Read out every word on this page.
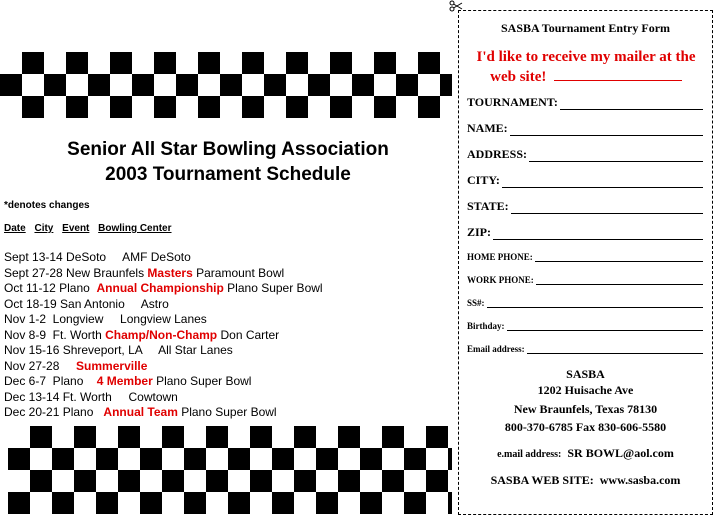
Senior All Star Bowling Association
2003 Tournament Schedule
*denotes changes
Date City Event Bowling Center
Sept 13-14 DeSoto     AMF DeSoto
Sept 27-28 New Braunfels Masters Paramount Bowl
Oct 11-12 Plano  Annual Championship Plano Super Bowl
Oct 18-19 San Antonio     Astro
Nov 1-2  Longview     Longview Lanes
Nov 8-9  Ft. Worth Champ/Non-Champ Don Carter
Nov 15-16 Shreveport, LA     All Star Lanes
Nov 27-28     Summerville
Dec 6-7  Plano    4 Member Plano Super Bowl
Dec 13-14 Ft. Worth     Cowtown
Dec 20-21 Plano   Annual Team Plano Super Bowl
SASBA Tournament Entry Form
I'd like to receive my mailer at the
web site!
TOURNAMENT:
NAME:
ADDRESS:
CITY:
STATE:
ZIP:
HOME PHONE:
WORK PHONE:
SS#:
Birthday:
Email address:
SASBA
1202 Huisache Ave
New Braunfels, Texas 78130
800-370-6785 Fax 830-606-5580
e.mail address: SR BOWL@aol.com
SASBA WEB SITE: www.sasba.com
